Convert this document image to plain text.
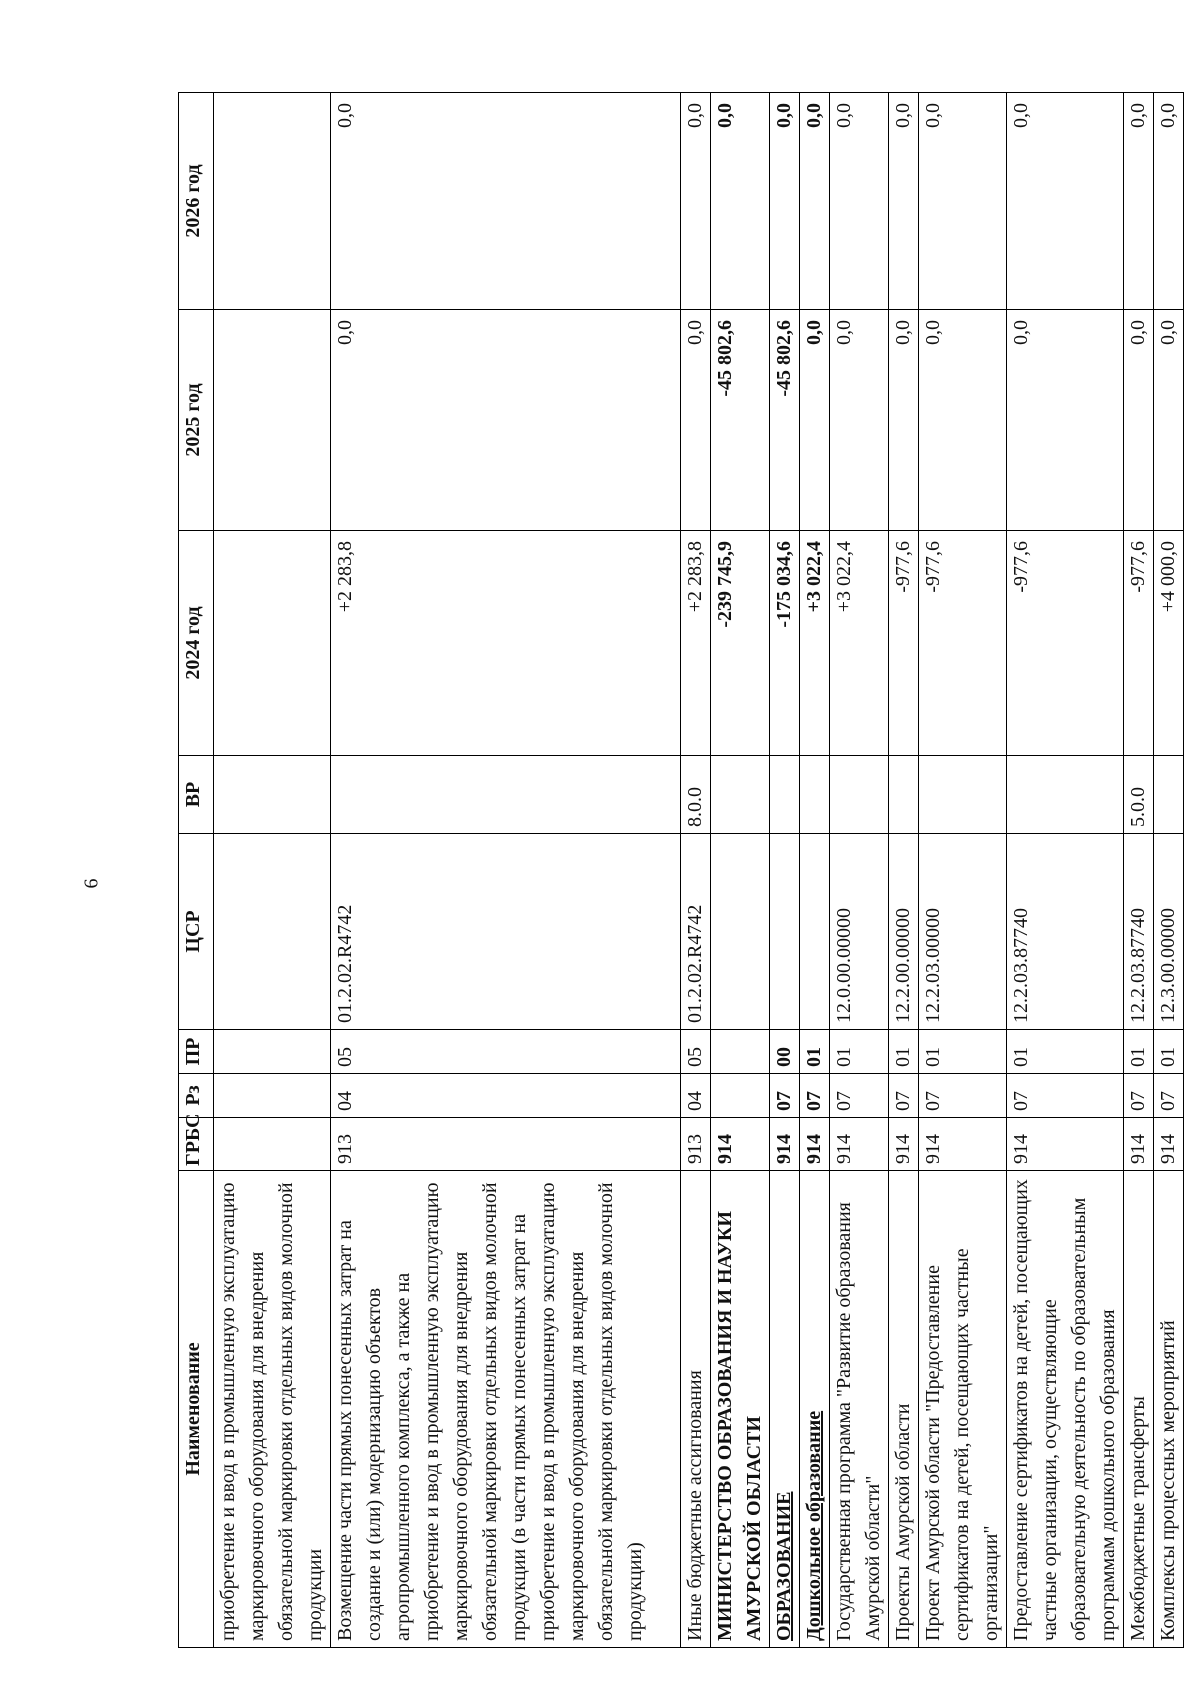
6
Наименование	ГРБС	Рз	ПР	ЦСР	ВР	2024 год	2025 год	2026 год
приобретение и ввод в промышленную эксплуатацию маркировочного оборудования для внедрения обязательной маркировки отдельных видов молочной продукции								
Возмещение части прямых понесенных затрат на создание и (или) модернизацию объектов агропромышленного комплекса, а также на приобретение и ввод в промышленную эксплуатацию маркировочного оборудования для внедрения обязательной маркировки отдельных видов молочной продукции (в части прямых понесенных затрат на приобретение и ввод в промышленную эксплуатацию маркировочного оборудования для внедрения обязательной маркировки отдельных видов молочной продукции)	913	04	05	01.2.02.R4742		+2 283,8	0,0	0,0
Иные бюджетные ассигнования	913	04	05	01.2.02.R4742	8.0.0	+2 283,8	0,0	0,0
МИНИСТЕРСТВО ОБРАЗОВАНИЯ И НАУКИ АМУРСКОЙ ОБЛАСТИ	914					-239 745,9	-45 802,6	0,0
ОБРАЗОВАНИЕ	914	07	00			-175 034,6	-45 802,6	0,0
Дошкольное образование	914	07	01			+3 022,4	0,0	0,0
Государственная программа "Развитие образования Амурской области"	914	07	01	12.0.00.00000		+3 022,4	0,0	0,0
Проекты Амурской области	914	07	01	12.2.00.00000		-977,6	0,0	0,0
Проект Амурской области "Предоставление сертификатов на детей, посещающих частные организации"	914	07	01	12.2.03.00000		-977,6	0,0	0,0
Предоставление сертификатов на детей, посещающих частные организации, осуществляющие образовательную деятельность по образовательным программам дошкольного образования	914	07	01	12.2.03.87740		-977,6	0,0	0,0
Межбюджетные трансферты	914	07	01	12.2.03.87740	5.0.0	-977,6	0,0	0,0
Комплексы процессных мероприятий	914	07	01	12.3.00.00000		+4 000,0	0,0	0,0
